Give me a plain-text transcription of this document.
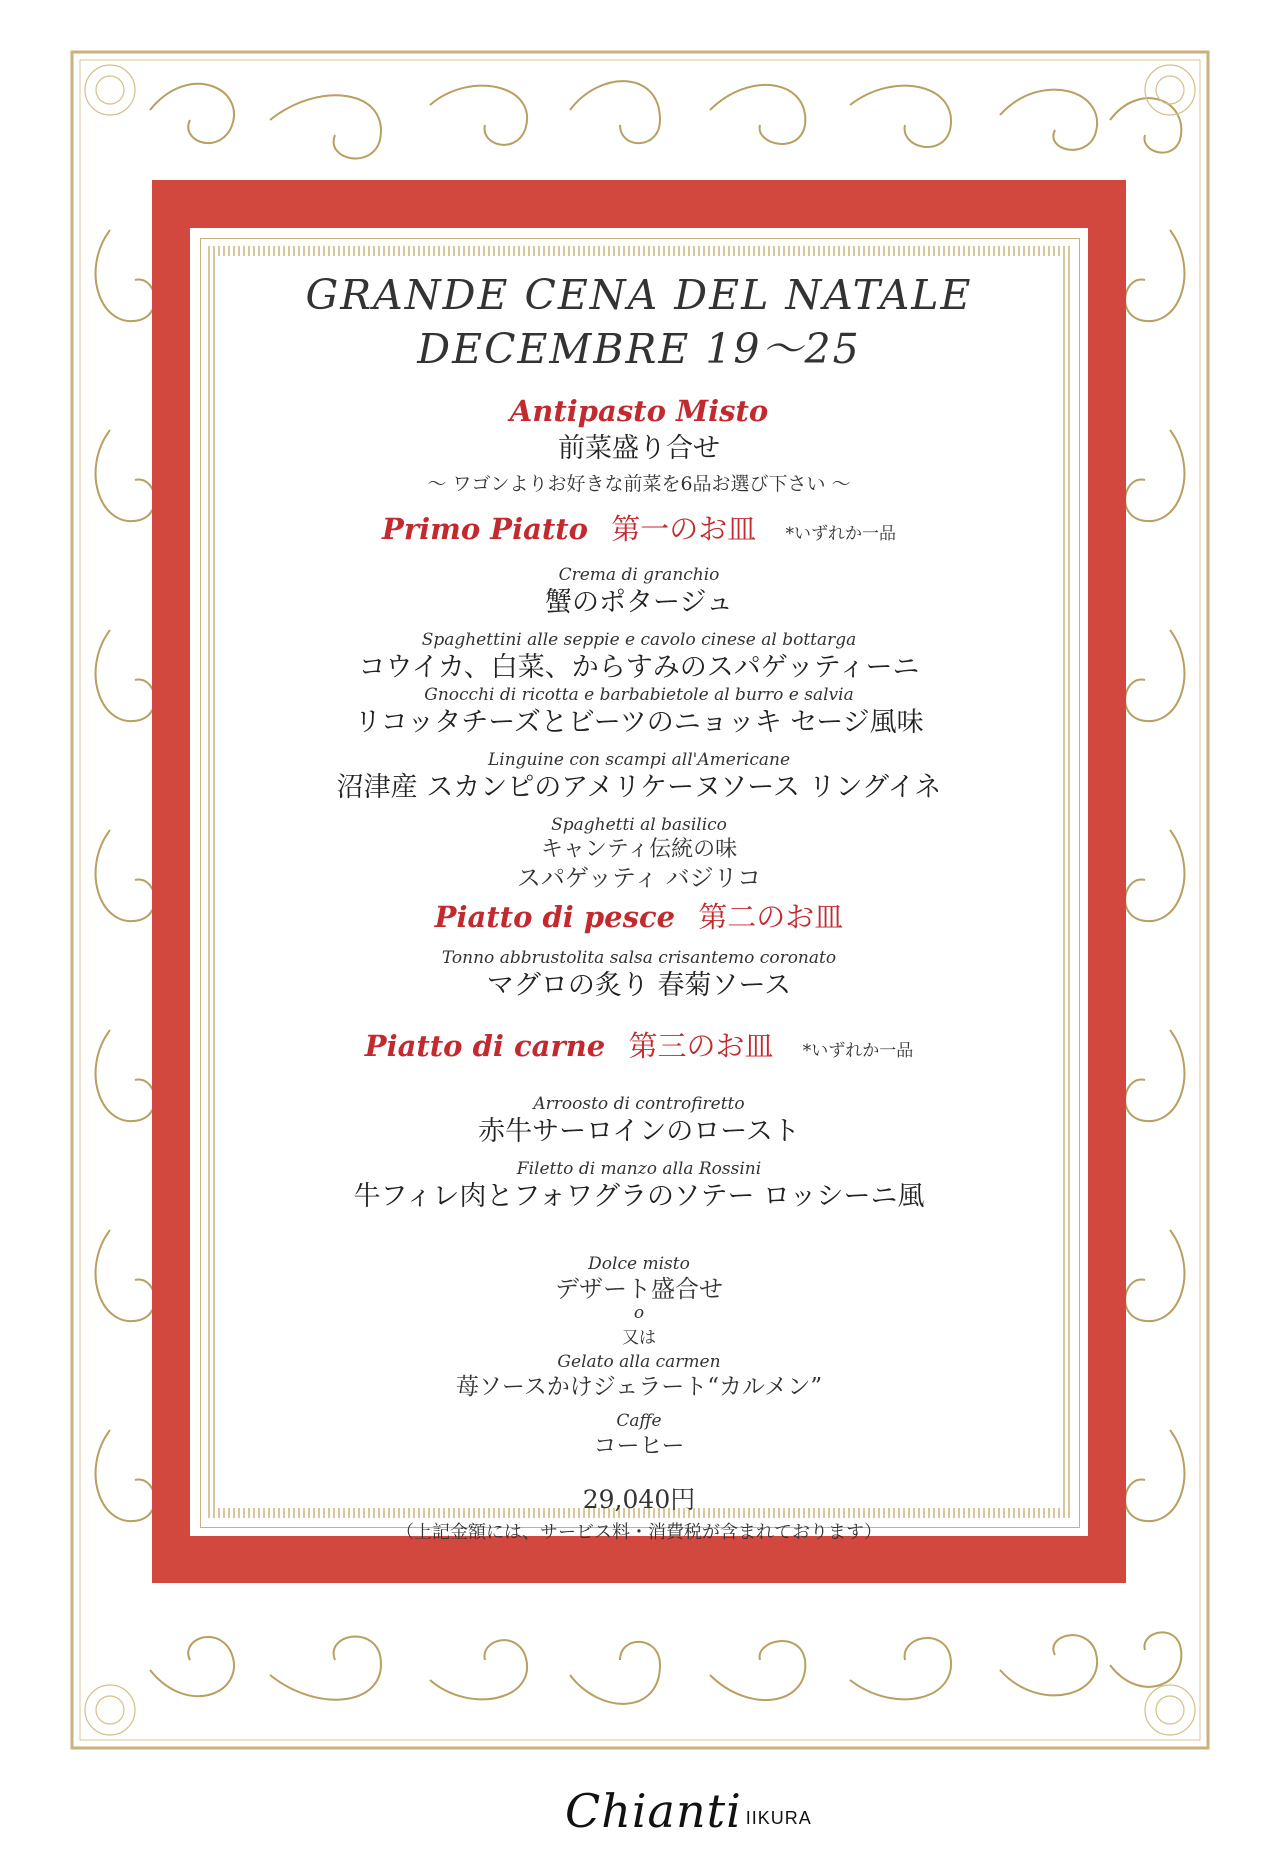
GRANDE CENA DEL NATALE

DECEMBRE 19～25

Antipasto Misto
前菜盛り合せ
～ ワゴンよりお好きな前菜を6品お選び下さい ～
Primo Piatto 第一のお皿 *いずれか一品
Crema di granchio
蟹のポタージュ
Spaghettini alle seppie e cavolo cinese al bottarga
コウイカ、白菜、からすみのスパゲッティーニ
Gnocchi di ricotta e barbabietole al burro e salvia
リコッタチーズとビーツのニョッキ セージ風味
Linguine con scampi all'Americane
沼津産 スカンピのアメリケーヌソース リングイネ
Spaghetti al basilico
キャンティ伝統の味
スパゲッティ バジリコ
Piatto di pesce 第二のお皿
Tonno abbrustolita salsa crisantemo coronato
マグロの炙り 春菊ソース
Piatto di carne 第三のお皿 *いずれか一品
Arroosto di controfiretto
赤牛サーロインのロースト
Filetto di manzo alla Rossini
牛フィレ肉とフォワグラのソテー ロッシーニ風
Dolce misto
デザート盛合せ
o
又は
Gelato alla carmen
苺ソースかけジェラート“カルメン”
Caffe
コーヒー
29,040円
（上記金額には、サービス料・消費税が含まれております）
Chianti IIKURA
